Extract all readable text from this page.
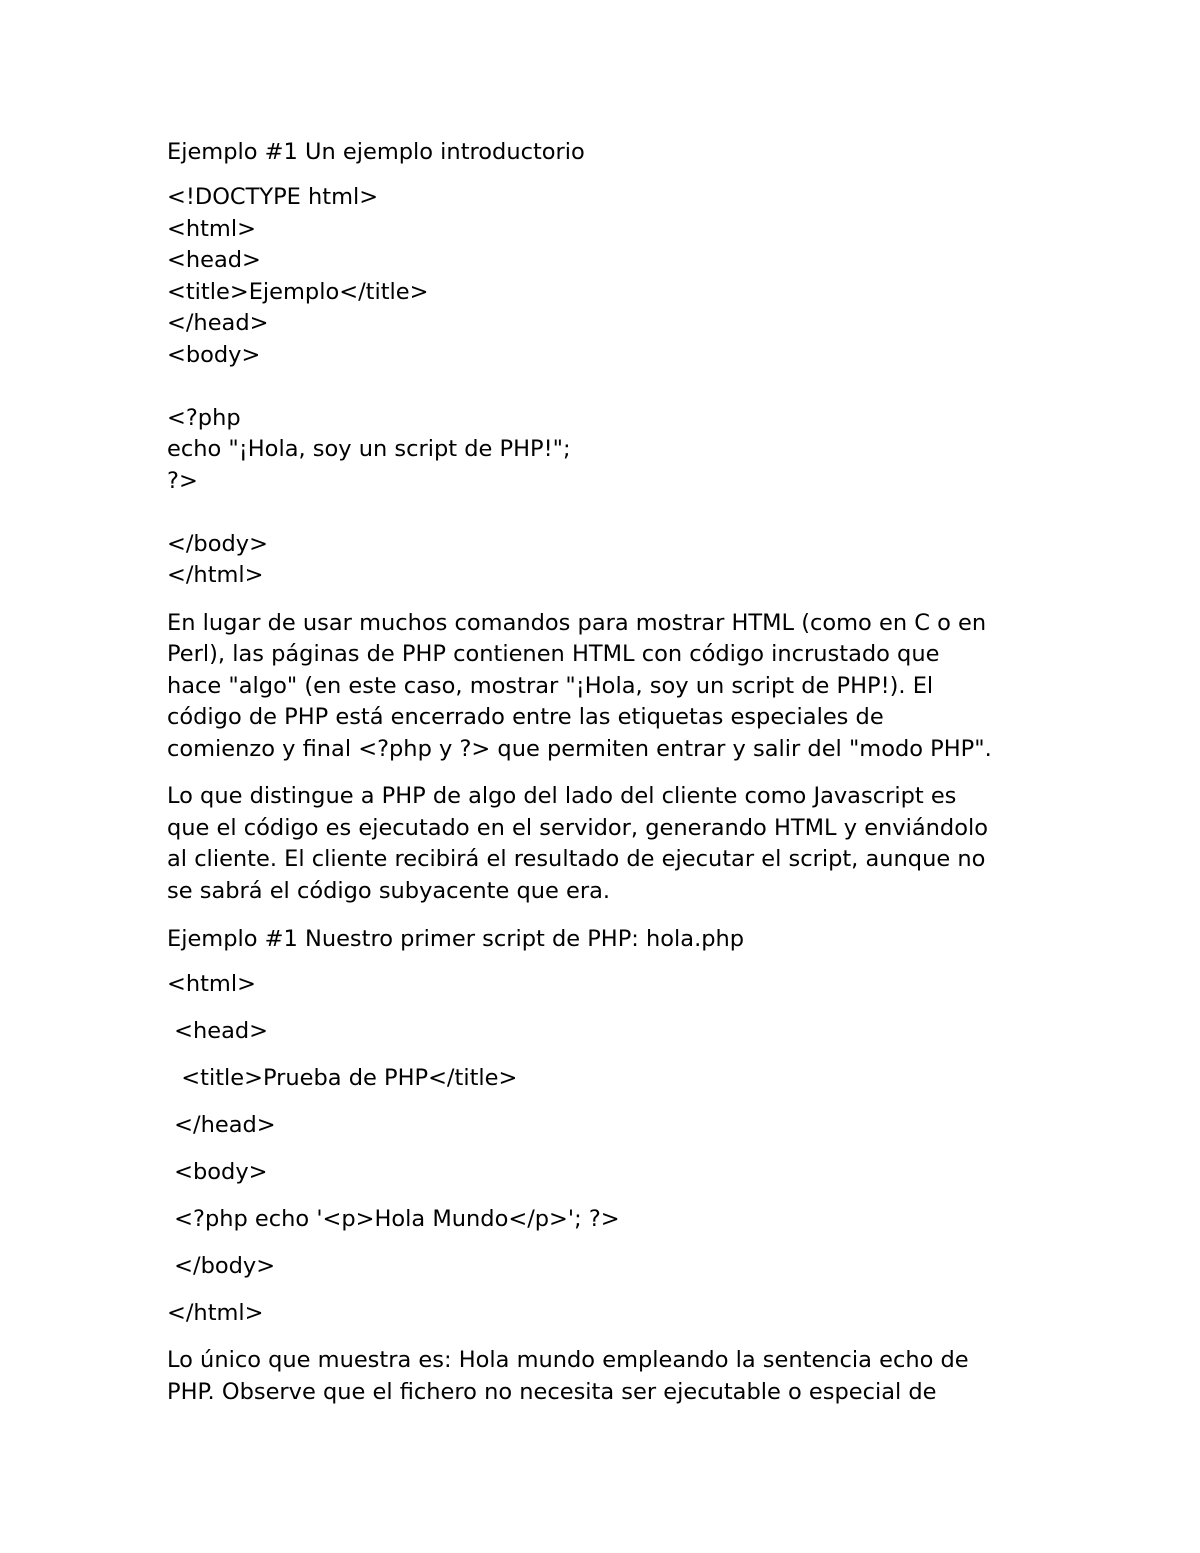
Ejemplo #1 Un ejemplo introductorio
<!DOCTYPE html>
<html>
<head>
<title>Ejemplo</title>
</head>
<body>
<?php
echo "¡Hola, soy un script de PHP!";
?>
</body>
</html>
En lugar de usar muchos comandos para mostrar HTML (como en C o en
Perl), las páginas de PHP contienen HTML con código incrustado que
hace "algo" (en este caso, mostrar "¡Hola, soy un script de PHP!). El
código de PHP está encerrado entre las etiquetas especiales de
comienzo y final <?php y ?> que permiten entrar y salir del "modo PHP".
Lo que distingue a PHP de algo del lado del cliente como Javascript es
que el código es ejecutado en el servidor, generando HTML y enviándolo
al cliente. El cliente recibirá el resultado de ejecutar el script, aunque no
se sabrá el código subyacente que era.
Ejemplo #1 Nuestro primer script de PHP: hola.php
<html>
<head>
<title>Prueba de PHP</title>
</head>
<body>
<?php echo '<p>Hola Mundo</p>'; ?>
</body>
</html>
Lo único que muestra es: Hola mundo empleando la sentencia echo de
PHP. Observe que el fichero no necesita ser ejecutable o especial de
